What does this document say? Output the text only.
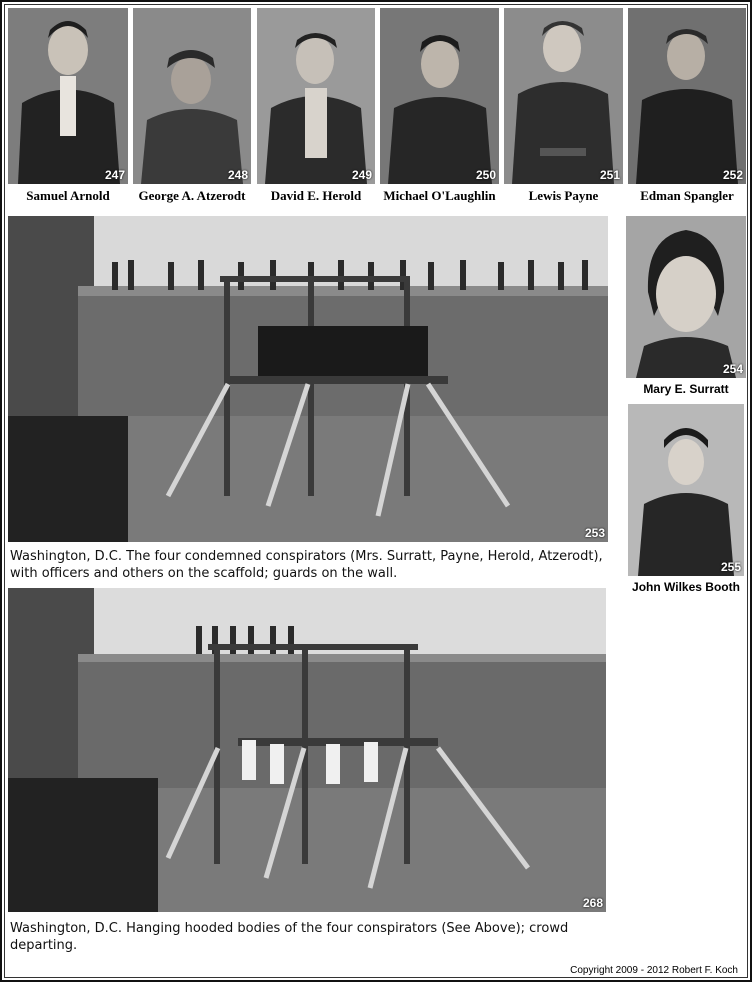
247	248	249	250	251	252
Samuel Arnold	George A. Atzerodt	David E. Herold	Michael O'Laughlin	Lewis Payne	Edman Spangler
253
Washington, D.C. The four condemned conspirators (Mrs. Surratt, Payne, Herold, Atzerodt), with officers and others on the scaffold; guards on the wall.
254
Mary E. Surratt
255
John Wilkes Booth
268
Washington, D.C. Hanging hooded bodies of the four conspirators (See Above); crowd departing.
Copyright 2009 - 2012 Robert F. Koch
